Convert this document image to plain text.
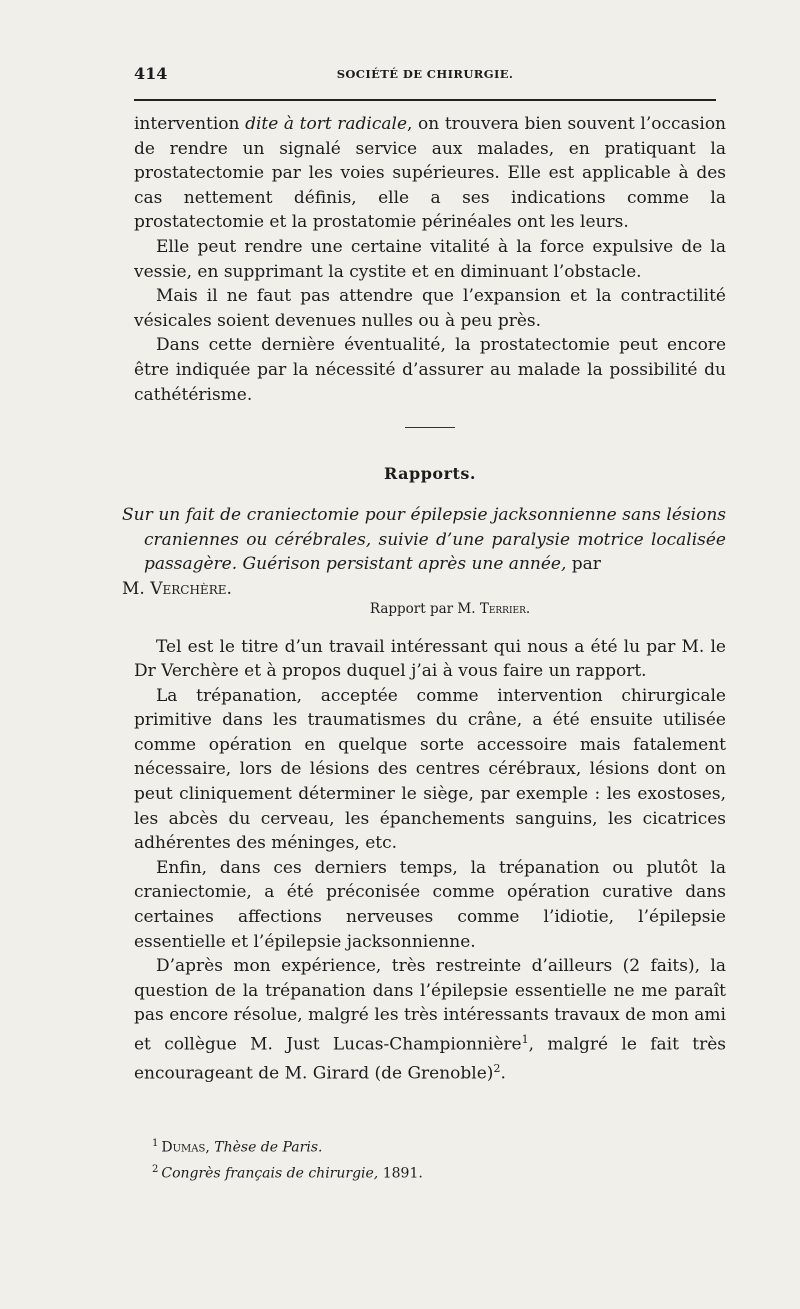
414	SOCIÉTÉ DE CHIRURGIE.

intervention dite à tort radicale, on trouvera bien souvent l’occasion de rendre un signalé service aux malades, en pratiquant la prostatectomie par les voies supérieures. Elle est applicable à des cas nettement définis, elle a ses indications comme la prostatectomie et la prostatomie périnéales ont les leurs.

Elle peut rendre une certaine vitalité à la force expulsive de la vessie, en supprimant la cystite et en diminuant l’obstacle.

Mais il ne faut pas attendre que l’expansion et la contractilité vésicales soient devenues nulles ou à peu près.

Dans cette dernière éventualité, la prostatectomie peut encore être indiquée par la nécessité d’assurer au malade la possibilité du cathétérisme.

Rapports.

Sur un fait de craniectomie pour épilepsie jacksonnienne sans lésions craniennes ou cérébrales, suivie d’une paralysie motrice localisée passagère. Guérison persistant après une année, par

M. Verchère.

Rapport par M. Terrier.

Tel est le titre d’un travail intéressant qui nous a été lu par M. le Dr Verchère et à propos duquel j’ai à vous faire un rapport.

La trépanation, acceptée comme intervention chirurgicale primitive dans les traumatismes du crâne, a été ensuite utilisée comme opération en quelque sorte accessoire mais fatalement nécessaire, lors de lésions des centres cérébraux, lésions dont on peut cliniquement déterminer le siège, par exemple : les exostoses, les abcès du cerveau, les épanchements sanguins, les cicatrices adhérentes des méninges, etc.

Enfin, dans ces derniers temps, la trépanation ou plutôt la craniectomie, a été préconisée comme opération curative dans certaines affections nerveuses comme l’idiotie, l’épilepsie essentielle et l’épilepsie jacksonnienne.

D’après mon expérience, très restreinte d’ailleurs (2 faits), la question de la trépanation dans l’épilepsie essentielle ne me paraît pas encore résolue, malgré les très intéressants travaux de mon ami et collègue M. Just Lucas-Championnière$^1$, malgré le fait très encourageant de M. Girard (de Grenoble)$^2$.

$^1$ Dumas, Thèse de Paris.
$^2$ Congrès français de chirurgie, 1891.
